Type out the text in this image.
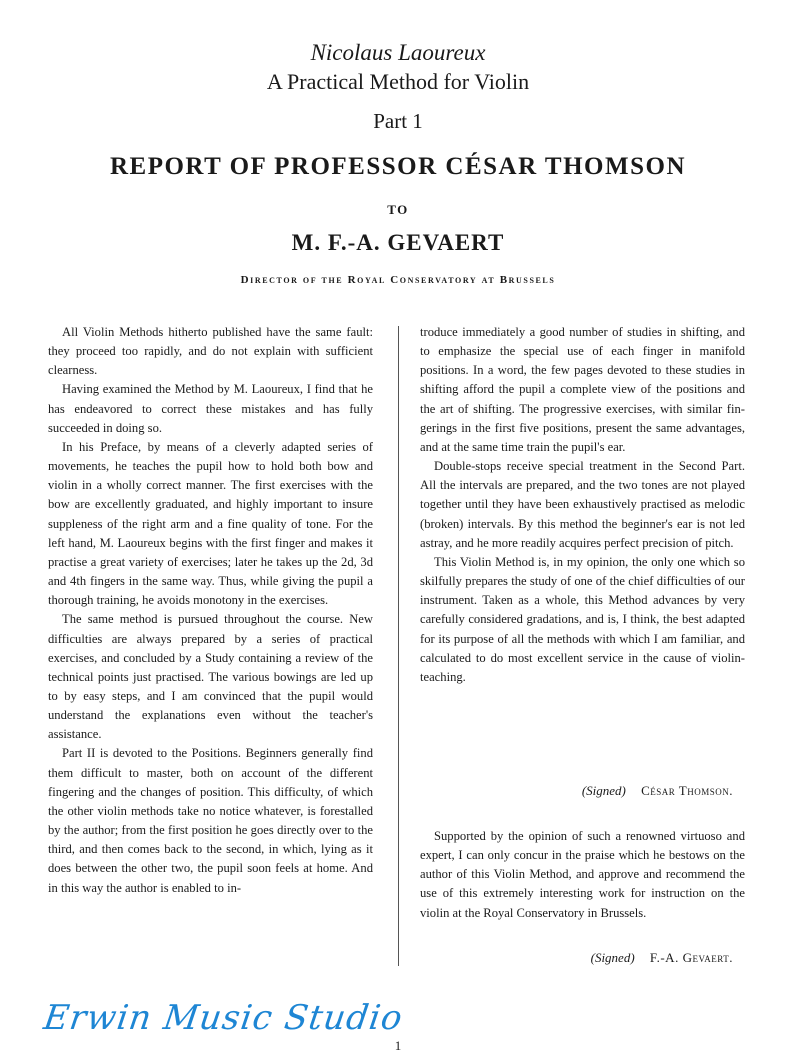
Nicolaus Laoureux
A Practical Method for Violin
Part 1
REPORT OF PROFESSOR CÉSAR THOMSON
TO
M. F.-A. GEVAERT
Director of the Royal Conservatory at Brussels

All Violin Methods hitherto published have the same fault: they proceed too rapidly, and do not explain with sufficient clearness.

Having examined the Method by M. Laoureux, I find that he has endeavored to correct these mistakes and has fully succeeded in doing so.

In his Preface, by means of a cleverly adapted series of movements, he teaches the pupil how to hold both bow and violin in a wholly correct manner. The first exercises with the bow are excellently graduated, and highly important to insure suppleness of the right arm and a fine quality of tone. For the left hand, M. Laoureux begins with the first finger and makes it practise a great variety of exercises; later he takes up the 2d, 3d and 4th fingers in the same way. Thus, while giving the pupil a thorough training, he avoids monotony in the exercises.

The same method is pursued throughout the course. New difficulties are always prepared by a series of practical exercises, and concluded by a Study containing a review of the technical points just practised. The various bowings are led up to by easy steps, and I am convinced that the pupil would understand the explanations even without the teacher's assistance.

Part II is devoted to the Positions. Beginners generally find them difficult to master, both on account of the different fingering and the changes of position. This difficulty, of which the other violin methods take no notice whatever, is forestalled by the author; from the first position he goes directly over to the third, and then comes back to the second, in which, lying as it does between the other two, the pupil soon feels at home. And in this way the author is enabled to in-

troduce immediately a good number of studies in shifting, and to emphasize the special use of each finger in manifold positions. In a word, the few pages devoted to these studies in shifting afford the pupil a complete view of the positions and the art of shifting. The progressive exercises, with similar fingerings in the first five positions, present the same advantages, and at the same time train the pupil's ear.

Double-stops receive special treatment in the Second Part. All the intervals are prepared, and the two tones are not played together until they have been exhaustively practised as melodic (broken) intervals. By this method the beginner's ear is not led astray, and he more readily acquires perfect precision of pitch.

This Violin Method is, in my opinion, the only one which so skilfully prepares the study of one of the chief difficulties of our instrument. Taken as a whole, this Method advances by very carefully considered gradations, and is, I think, the best adapted for its purpose of all the methods with which I am familiar, and calculated to do most excellent service in the cause of violin-teaching.

(Signed) César Thomson.

Supported by the opinion of such a renowned virtuoso and expert, I can only concur in the praise which he bestows on the author of this Violin Method, and approve and recommend the use of this extremely interesting work for instruction on the violin at the Royal Conservatory in Brussels.

(Signed) F.-A. Gevaert.
Erwin Music Studio
1
